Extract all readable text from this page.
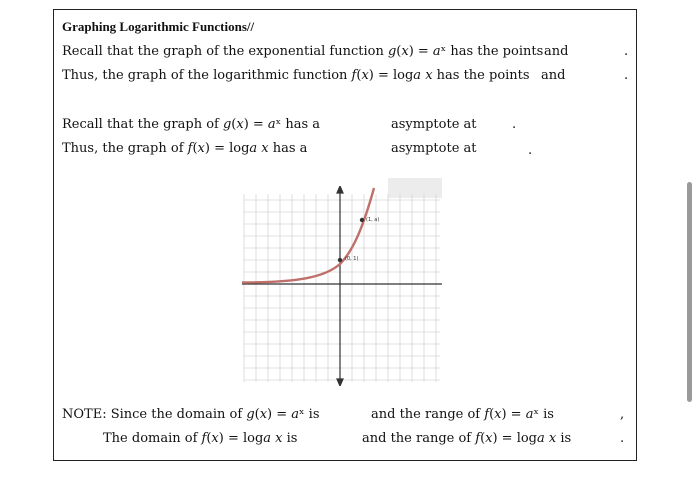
Graphing Logarithmic Functions//
Recall that the graph of the exponential function 𝑔(𝑥) = 𝑎ˣ has the points and	.
Thus, the graph of the logarithmic function 𝑓(𝑥) = log𝑎 𝑥 has the points and	.
Recall that the graph of 𝑔(𝑥) = 𝑎ˣ has a	asymptote at	.
Thus, the graph of 𝑓(𝑥) = log𝑎 𝑥 has a	asymptote at	.
(1, a)
(0, 1)
NOTE: Since the domain of 𝑔(𝑥) = 𝑎ˣ is	and the range of 𝑓(𝑥) = 𝑎ˣ is	,
The domain of 𝑓(𝑥) = log𝑎 𝑥 is	and the range of 𝑓(𝑥) = log𝑎 𝑥 is	.
